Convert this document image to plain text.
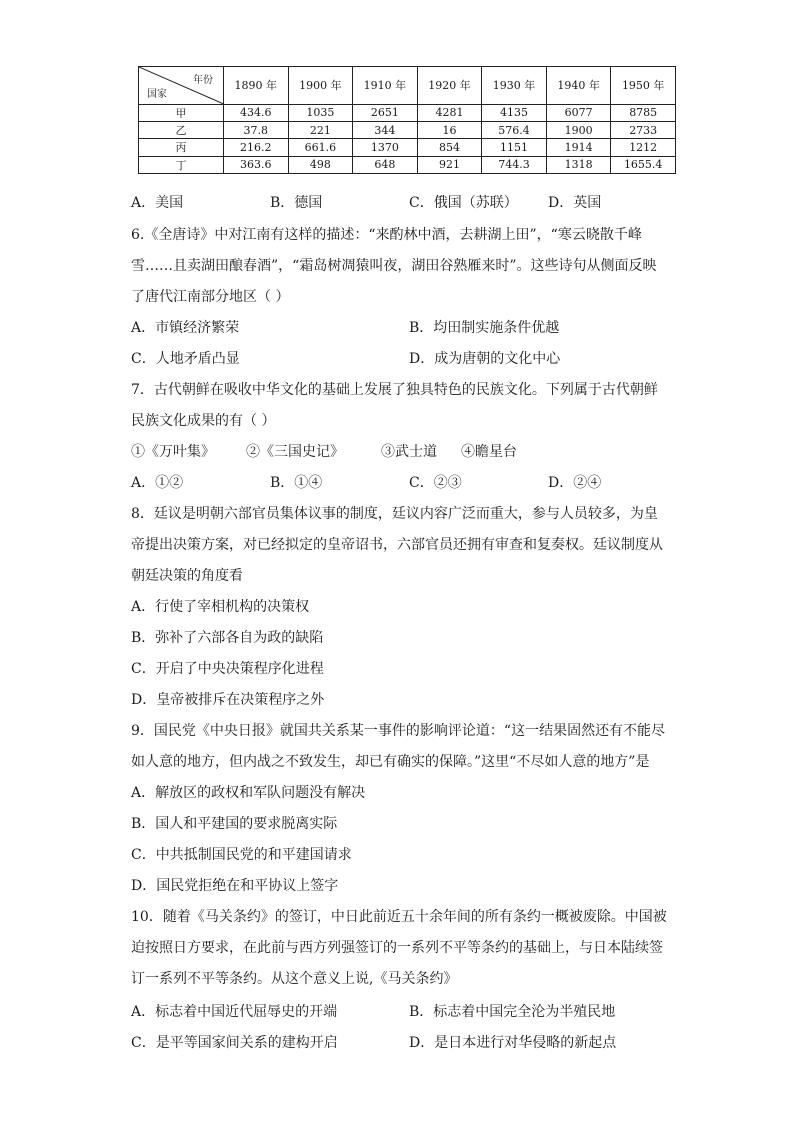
年份
国家	1890 年	1900 年	1910 年	1920 年	1930 年	1940 年	1950 年
甲	434.6	1035	2651	4281	4135	6077	8785
乙	37.8	221	344	16	576.4	1900	2733
丙	216.2	661.6	1370	854	1151	1914	1212
丁	363.6	498	648	921	744.3	1318	1655.4
A．美国	B．德国	C．俄国（苏联） D．英国
6.《全唐诗》中对江南有这样的描述：“来酌林中酒，去耕湖上田”，“寒云晓散千峰
雪……且卖湖田酿春酒”，“霜岛树凋猿叫夜，湖田谷熟雁来时”。这些诗句从侧面反映
了唐代江南部分地区（ ）
A．市镇经济繁荣	B．均田制实施条件优越
C．人地矛盾凸显	D．成为唐朝的文化中心
7．古代朝鲜在吸收中华文化的基础上发展了独具特色的民族文化。下列属于古代朝鲜
民族文化成果的有（ ）
①《万叶集》 ②《三国史记》	③武士道 ④瞻星台
A．①②	B．①④	C．②③	D．②④
8．廷议是明朝六部官员集体议事的制度，廷议内容广泛而重大，参与人员较多，为皇
帝提出决策方案，对已经拟定的皇帝诏书，六部官员还拥有审查和复奏权。廷议制度从
朝廷决策的角度看
A．行使了宰相机构的决策权
B．弥补了六部各自为政的缺陷
C．开启了中央决策程序化进程
D．皇帝被排斥在决策程序之外
9．国民党《中央日报》就国共关系某一事件的影响评论道：“这一结果固然还有不能尽
如人意的地方，但内战之不致发生，却已有确实的保障。”这里“不尽如人意的地方”是
A．解放区的政权和军队问题没有解决
B．国人和平建国的要求脱离实际
C．中共抵制国民党的和平建国请求
D．国民党拒绝在和平协议上签字
10．随着《马关条约》的签订，中日此前近五十余年间的所有条约一概被废除。中国被
迫按照日方要求，在此前与西方列强签订的一系列不平等条约的基础上，与日本陆续签
订一系列不平等条约。从这个意义上说,《马关条约》
A．标志着中国近代屈辱史的开端	B．标志着中国完全沦为半殖民地
C．是平等国家间关系的建构开启	D．是日本进行对华侵略的新起点
